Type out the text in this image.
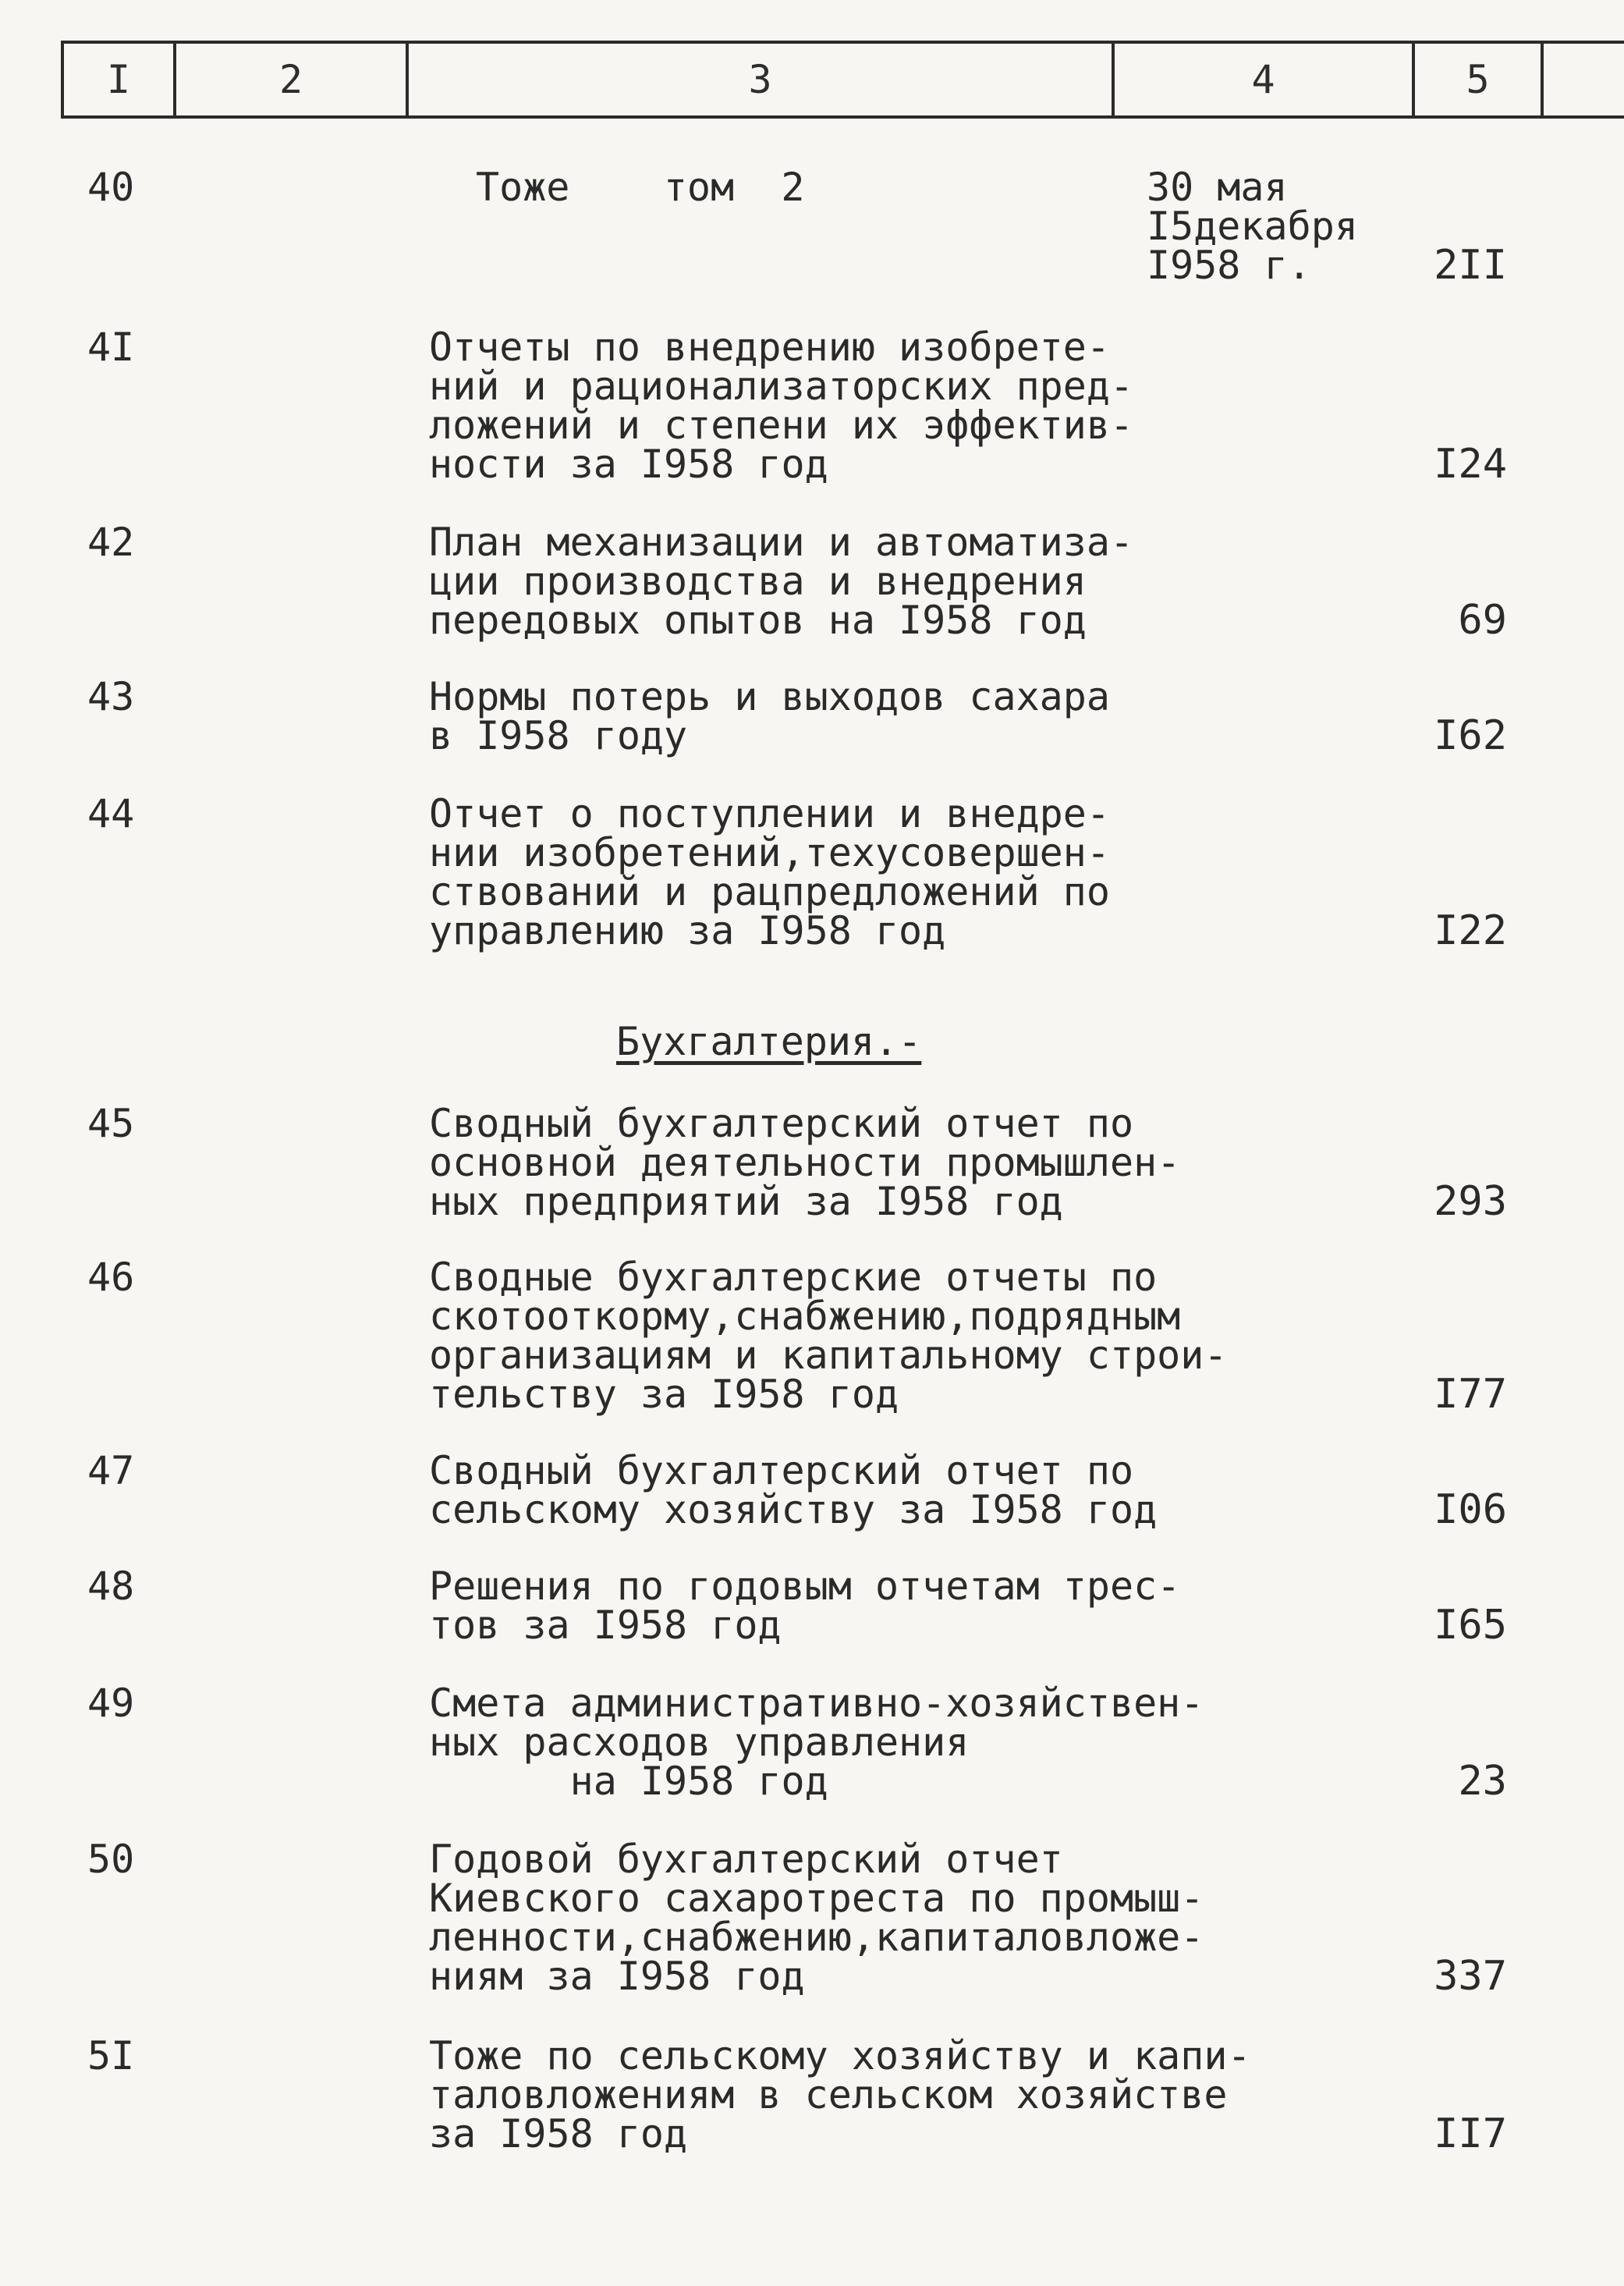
I	2	3	4	5
40	Тоже    том  2	30 мая
I5декабря
I958 г.	2II
4I	Отчеты по внедрению изобрете-
ний и рационализаторских пред-
ложений и степени их эффектив-
ности за I958 год	I24
42	План механизации и автоматиза-
ции производства и внедрения
передовых опытов на I958 год	69
43	Нормы потерь и выходов сахара
в I958 году	I62
44	Отчет о поступлении и внедре-
нии изобретений,техусовершен-
ствований и рацпредложений по
управлению за I958 год	I22
Бухгалтерия.-
45	Сводный бухгалтерский отчет по
основной деятельности промышлен-
ных предприятий за I958 год	293
46	Сводные бухгалтерские отчеты по
скотооткорму,снабжению,подрядным
организациям и капитальному строи-
тельству за I958 год	I77
47	Сводный бухгалтерский отчет по
сельскому хозяйству за I958 год	I06
48	Решения по годовым отчетам трес-
тов за I958 год	I65
49	Смета административно-хозяйствен-
ных расходов управления
на I958 год	23
50	Годовой бухгалтерский отчет
Киевского сахаротреста по промыш-
ленности,снабжению,капиталовложе-
ниям за I958 год	337
5I	Тоже по сельскому хозяйству и капи-
таловложениям в сельском хозяйстве
за I958 год	II7
